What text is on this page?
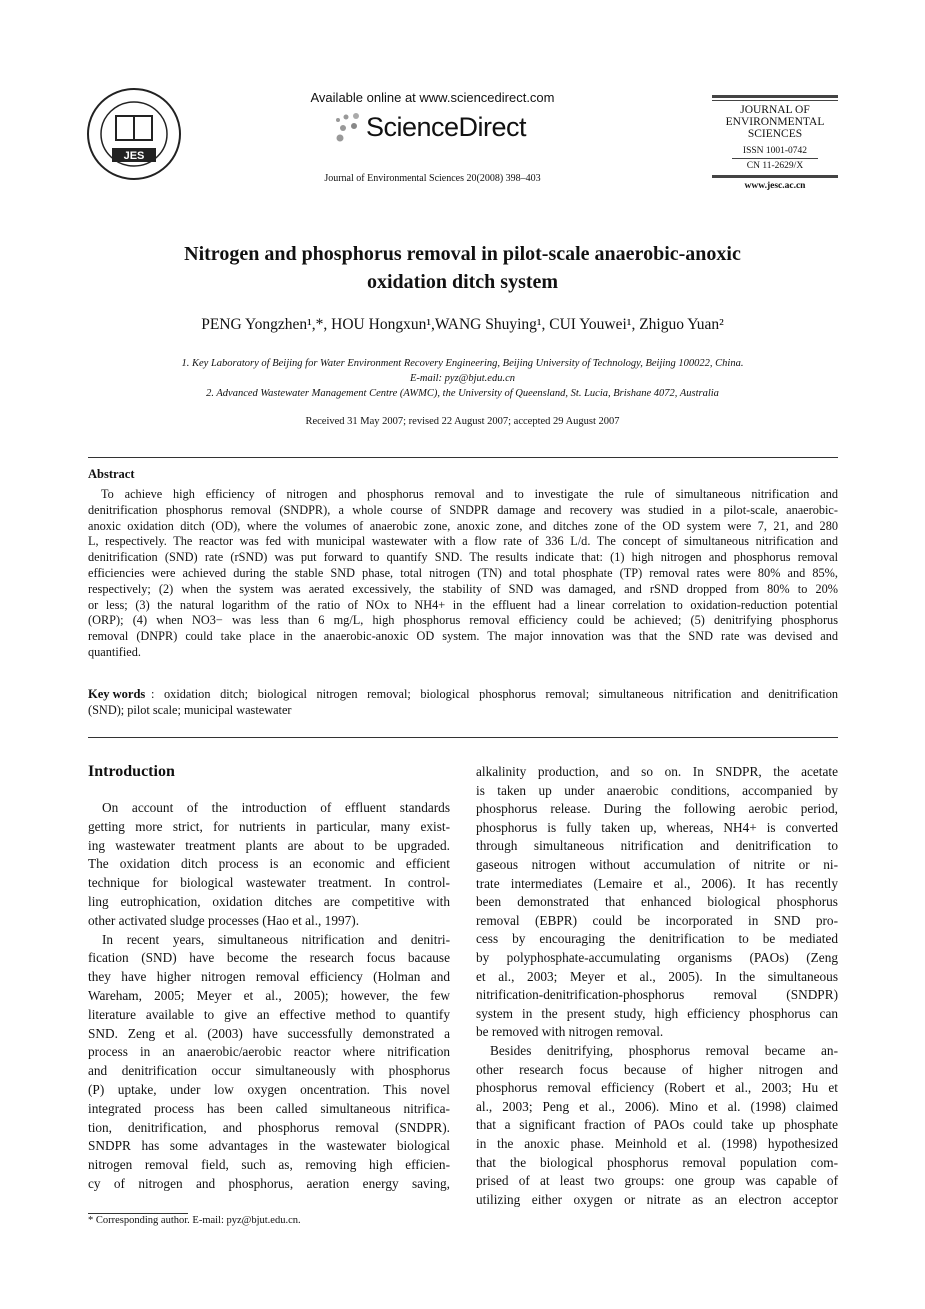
JES
Available online at www.sciencedirect.com
ScienceDirect
Journal of Environmental Sciences 20(2008) 398–403
JOURNAL OF
ENVIRONMENTAL
SCIENCES
ISSN 1001-0742
CN 11-2629/X
www.jesc.ac.cn
Nitrogen and phosphorus removal in pilot-scale anaerobic-anoxic
oxidation ditch system
PENG Yongzhen¹,*, HOU Hongxun¹,WANG Shuying¹, CUI Youwei¹, Zhiguo Yuan²
1. Key Laboratory of Beijing for Water Environment Recovery Engineering, Beijing University of Technology, Beijing 100022, China.
E-mail: pyz@bjut.edu.cn
2. Advanced Wastewater Management Centre (AWMC), the University of Queensland, St. Lucia, Brishane 4072, Australia
Received 31 May 2007; revised 22 August 2007; accepted 29 August 2007
Abstract
To achieve high efficiency of nitrogen and phosphorus removal and to investigate the rule of simultaneous nitrification and
denitrification phosphorus removal (SNDPR), a whole course of SNDPR damage and recovery was studied in a pilot-scale, anaerobic-
anoxic oxidation ditch (OD), where the volumes of anaerobic zone, anoxic zone, and ditches zone of the OD system were 7, 21, and 280
L, respectively. The reactor was fed with municipal wastewater with a flow rate of 336 L/d. The concept of simultaneous nitrification and
denitrification (SND) rate (rSND) was put forward to quantify SND. The results indicate that: (1) high nitrogen and phosphorus removal
efficiencies were achieved during the stable SND phase, total nitrogen (TN) and total phosphate (TP) removal rates were 80% and 85%,
respectively; (2) when the system was aerated excessively, the stability of SND was damaged, and rSND dropped from 80% to 20%
or less; (3) the natural logarithm of the ratio of NOx to NH4+ in the effluent had a linear correlation to oxidation-reduction potential
(ORP); (4) when NO3− was less than 6 mg/L, high phosphorus removal efficiency could be achieved; (5) denitrifying phosphorus
removal (DNPR) could take place in the anaerobic-anoxic OD system. The major innovation was that the SND rate was devised and
quantified.
Key words : oxidation ditch; biological nitrogen removal; biological phosphorus removal; simultaneous nitrification and denitrification
(SND); pilot scale; municipal wastewater
Introduction
On account of the introduction of effluent standards
getting more strict, for nutrients in particular, many exist-
ing wastewater treatment plants are about to be upgraded.
The oxidation ditch process is an economic and efficient
technique for biological wastewater treatment. In control-
ling eutrophication, oxidation ditches are competitive with
other activated sludge processes (Hao et al., 1997).
In recent years, simultaneous nitrification and denitri-
fication (SND) have become the research focus bacause
they have higher nitrogen removal efficiency (Holman and
Wareham, 2005; Meyer et al., 2005); however, the few
literature available to give an effective method to quantify
SND. Zeng et al. (2003) have successfully demonstrated a
process in an anaerobic/aerobic reactor where nitrification
and denitrification occur simultaneously with phosphorus
(P) uptake, under low oxygen oncentration. This novel
integrated process has been called simultaneous nitrifica-
tion, denitrification, and phosphorus removal (SNDPR).
SNDPR has some advantages in the wastewater biological
nitrogen removal field, such as, removing high efficien-
cy of nitrogen and phosphorus, aeration energy saving,
alkalinity production, and so on. In SNDPR, the acetate
is taken up under anaerobic conditions, accompanied by
phosphorus release. During the following aerobic period,
phosphorus is fully taken up, whereas, NH4+ is converted
through simultaneous nitrification and denitrification to
gaseous nitrogen without accumulation of nitrite or ni-
trate intermediates (Lemaire et al., 2006). It has recently
been demonstrated that enhanced biological phosphorus
removal (EBPR) could be incorporated in SND pro-
cess by encouraging the denitrification to be mediated
by polyphosphate-accumulating organisms (PAOs) (Zeng
et al., 2003; Meyer et al., 2005). In the simultaneous
nitrification-denitrification-phosphorus removal (SNDPR)
system in the present study, high efficiency phosphorus can
be removed with nitrogen removal.
Besides denitrifying, phosphorus removal became an-
other research focus because of higher nitrogen and
phosphorus removal efficiency (Robert et al., 2003; Hu et
al., 2003; Peng et al., 2006). Mino et al. (1998) claimed
that a significant fraction of PAOs could take up phosphate
in the anoxic phase. Meinhold et al. (1998) hypothesized
that the biological phosphorus removal population com-
prised of at least two groups: one group was capable of
utilizing either oxygen or nitrate as an electron acceptor
* Corresponding author. E-mail: pyz@bjut.edu.cn.
